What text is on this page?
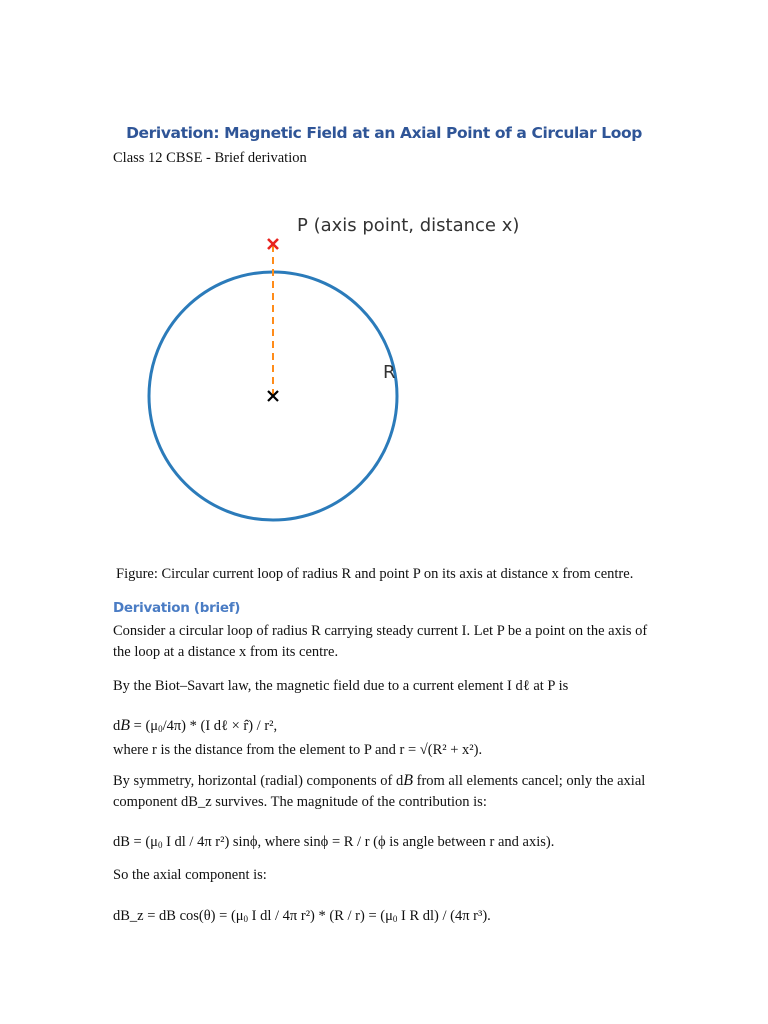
Derivation: Magnetic Field at an Axial Point of a Circular Loop
Class 12 CBSE - Brief derivation
P (axis point, distance x)
R
Figure: Circular current loop of radius R and point P on its axis at distance x from centre.
Derivation (brief)
Consider a circular loop of radius R carrying steady current I. Let P be a point on the axis of the loop at a distance x from its centre.
By the Biot–Savart law, the magnetic field due to a current element I dℓ at P is
dB = (μ0/4π) * (I dℓ × r̂) / r²,
where r is the distance from the element to P and r = √(R² + x²).
By symmetry, horizontal (radial) components of dB from all elements cancel; only the axial component dB_z survives. The magnitude of the contribution is:
dB = (μ0 I dl / 4π r²) sinϕ, where sinϕ = R / r (ϕ is angle between r and axis).
So the axial component is:
dB_z = dB cos(θ) = (μ0 I dl / 4π r²) * (R / r) = (μ0 I R dl) / (4π r³).
